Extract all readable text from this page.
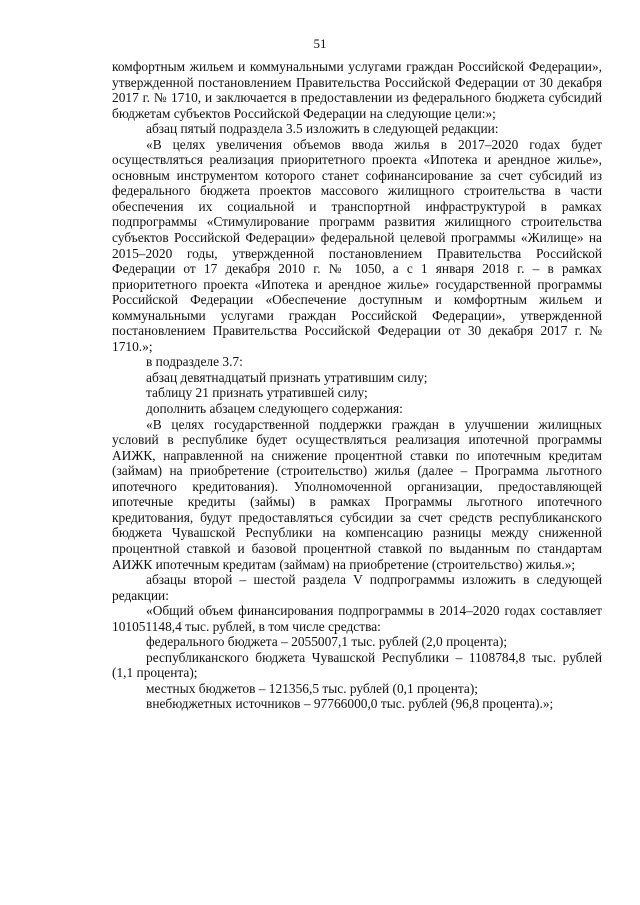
51

комфортным жильем и коммунальными услугами граждан Российской Федерации», утвержденной постановлением Правительства Российской Федерации от 30 декабря 2017 г. № 1710, и заключается в предоставлении из федерального бюджета субсидий бюджетам субъектов Российской Федерации на следующие цели:»;

абзац пятый подраздела 3.5 изложить в следующей редакции:

«В целях увеличения объемов ввода жилья в 2017–2020 годах будет осуществляться реализация приоритетного проекта «Ипотека и арендное жилье», основным инструментом которого станет софинансирование за счет субсидий из федерального бюджета проектов массового жилищного строительства в части обеспечения их социальной и транспортной инфраструктурой в рамках подпрограммы «Стимулирование программ развития жилищного строительства субъектов Российской Федерации» федеральной целевой программы «Жилище» на 2015–2020 годы, утвержденной постановлением Правительства Российской Федерации от 17 декабря 2010 г. № 1050, а с 1 января 2018 г. – в рамках приоритетного проекта «Ипотека и арендное жилье» государственной программы Российской Федерации «Обеспечение доступным и комфортным жильем и коммунальными услугами граждан Российской Федерации», утвержденной постановлением Правительства Российской Федерации от 30 декабря 2017 г. № 1710.»;

в подразделе 3.7:

абзац девятнадцатый признать утратившим силу;

таблицу 21 признать утратившей силу;

дополнить абзацем следующего содержания:

«В целях государственной поддержки граждан в улучшении жилищных условий в республике будет осуществляться реализация ипотечной программы АИЖК, направленной на снижение процентной ставки по ипотечным кредитам (займам) на приобретение (строительство) жилья (далее – Программа льготного ипотечного кредитования). Уполномоченной организации, предоставляющей ипотечные кредиты (займы) в рамках Программы льготного ипотечного кредитования, будут предоставляться субсидии за счет средств республиканского бюджета Чувашской Республики на компенсацию разницы между сниженной процентной ставкой и базовой процентной ставкой по выданным по стандартам АИЖК ипотечным кредитам (займам) на приобретение (строительство) жилья.»;

абзацы второй – шестой раздела V подпрограммы изложить в следующей редакции:

«Общий объем финансирования подпрограммы в 2014–2020 годах составляет 101051148,4 тыс. рублей, в том числе средства:

федерального бюджета – 2055007,1 тыс. рублей (2,0 процента);

республиканского бюджета Чувашской Республики – 1108784,8 тыс. рублей (1,1 процента);

местных бюджетов – 121356,5 тыс. рублей (0,1 процента);

внебюджетных источников – 97766000,0 тыс. рублей (96,8 процента).»;
